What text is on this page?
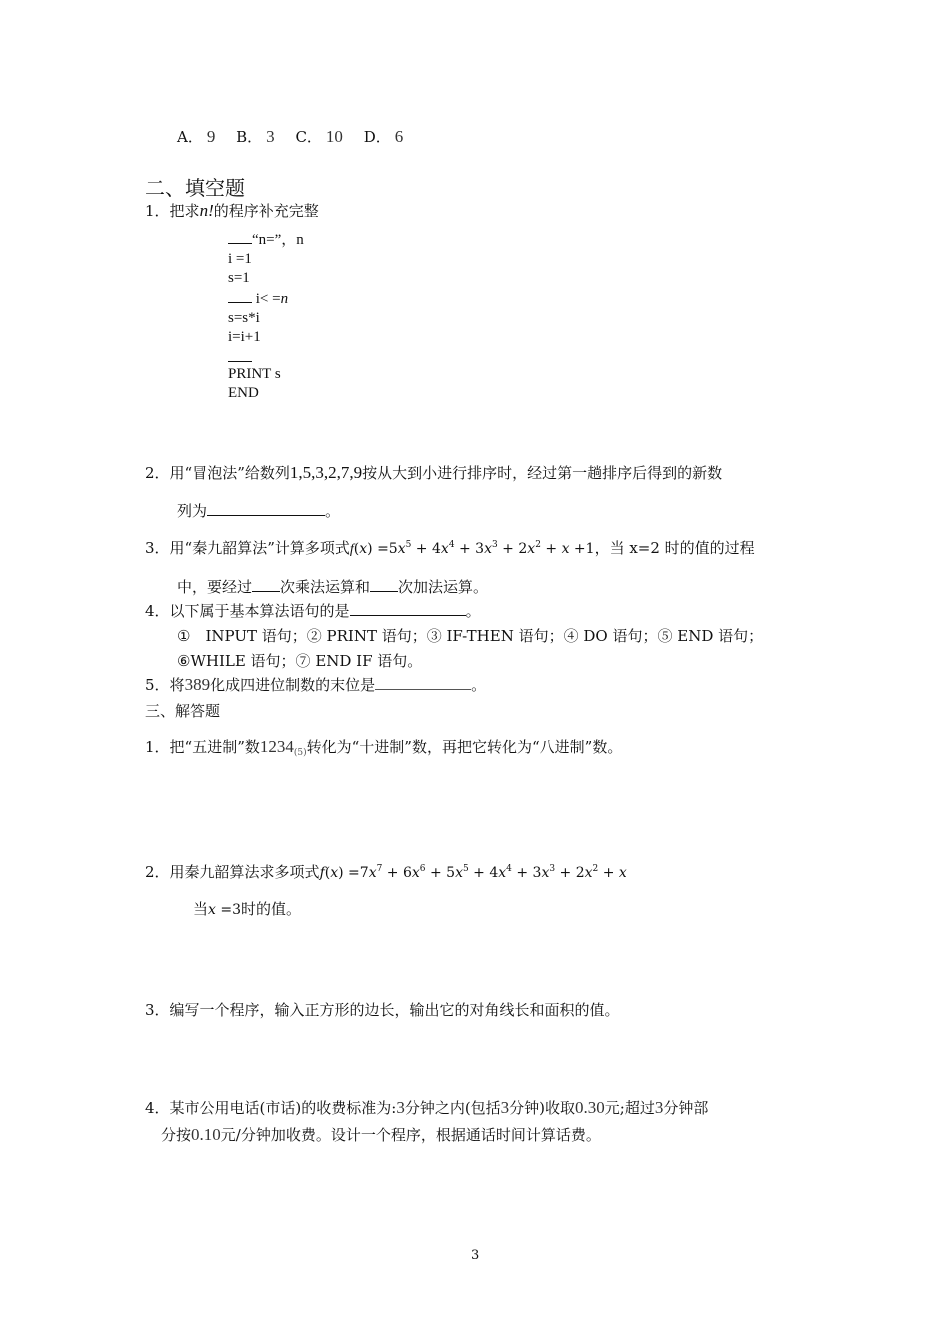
A． 9 B． 3 C． 10 D． 6
二、填空题
1．把求n!的程序补充完整
“n=”，n
i =1
s=1
i< =n
s=s*i
i=i+1
PRINT s
END
2．用“冒泡法”给数列1,5,3,2,7,9按从大到小进行排序时，经过第一趟排序后得到的新数
列为	。
3．用“秦九韶算法”计算多项式$f(x) =5x^5 + 4x^4 + 3x^3 + 2x^2 + x +1$，当 x=2 时的值的过程
中，要经过 次乘法运算和 次加法运算。
4．以下属于基本算法语句的是	。
①　INPUT 语句；② PRINT 语句；③ IF-THEN 语句；④ DO 语句；⑤ END 语句；
⑥WHILE 语句；⑦ END IF 语句。
5．将389化成四进位制数的末位是	。
三、解答题
1．把“五进制”数$1234_{(5)}$转化为“十进制”数，再把它转化为“八进制”数。
2．用秦九韶算法求多项式$f(x) =7x^7 + 6x^6 + 5x^5 + 4x^4 + 3x^3 + 2x^2 + x$
当x =3时的值。
3．编写一个程序，输入正方形的边长，输出它的对角线长和面积的值。
4．某市公用电话(市话)的收费标准为:3分钟之内(包括3分钟)收取0.30元;超过3分钟部
分按0.10元/分钟加收费。设计一个程序，根据通话时间计算话费。
3
